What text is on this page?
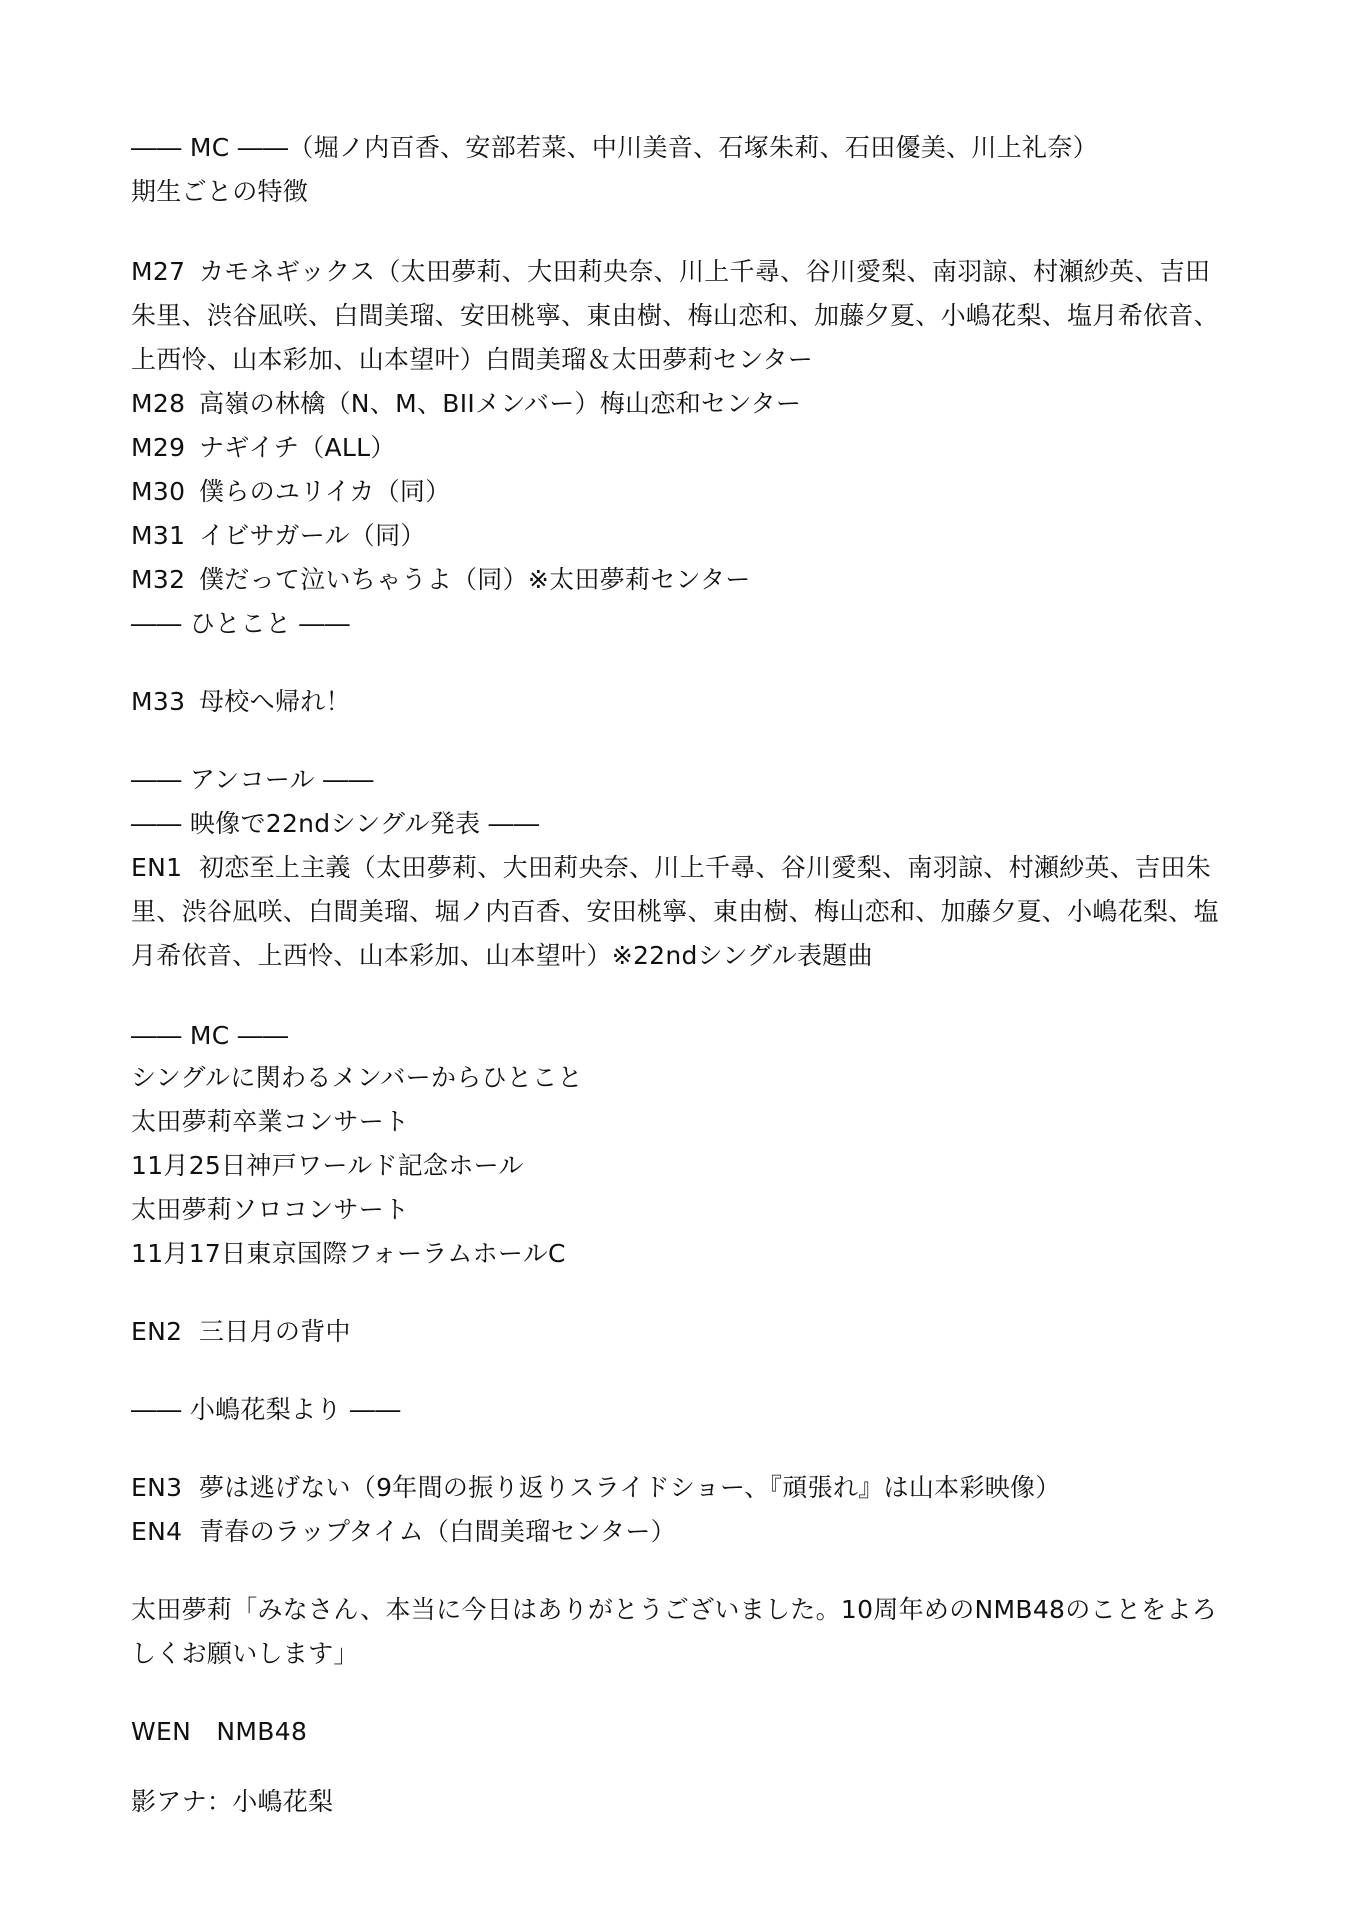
―― MC ――（堀ノ内百香、安部若菜、中川美音、石塚朱莉、石田優美、川上礼奈）
期生ごとの特徴
M27 カモネギックス（太田夢莉、大田莉央奈、川上千尋、谷川愛梨、南羽諒、村瀬紗英、吉田朱里、渋谷凪咲、白間美瑠、安田桃寧、東由樹、梅山恋和、加藤夕夏、小嶋花梨、塩月希依音、上西怜、山本彩加、山本望叶）白間美瑠＆太田夢莉センター
M28 高嶺の林檎（N、M、BIIメンバー）梅山恋和センター
M29 ナギイチ（ALL）
M30 僕らのユリイカ（同）
M31 イビサガール（同）
M32 僕だって泣いちゃうよ（同）※太田夢莉センター
―― ひとこと ――
M33 母校へ帰れ！
―― アンコール ――
―― 映像で22ndシングル発表 ――
EN1 初恋至上主義（太田夢莉、大田莉央奈、川上千尋、谷川愛梨、南羽諒、村瀬紗英、吉田朱里、渋谷凪咲、白間美瑠、堀ノ内百香、安田桃寧、東由樹、梅山恋和、加藤夕夏、小嶋花梨、塩月希依音、上西怜、山本彩加、山本望叶）※22ndシングル表題曲
―― MC ――
シングルに関わるメンバーからひとこと
太田夢莉卒業コンサート
11月25日神戸ワールド記念ホール
太田夢莉ソロコンサート
11月17日東京国際フォーラムホールC
EN2 三日月の背中
―― 小嶋花梨より ――
EN3 夢は逃げない（9年間の振り返りスライドショー、『頑張れ』は山本彩映像）
EN4 青春のラップタイム（白間美瑠センター）
太田夢莉「みなさん、本当に今日はありがとうございました。10周年めのNMB48のことをよろしくお願いします」
WEN　NMB48
影アナ：小嶋花梨
